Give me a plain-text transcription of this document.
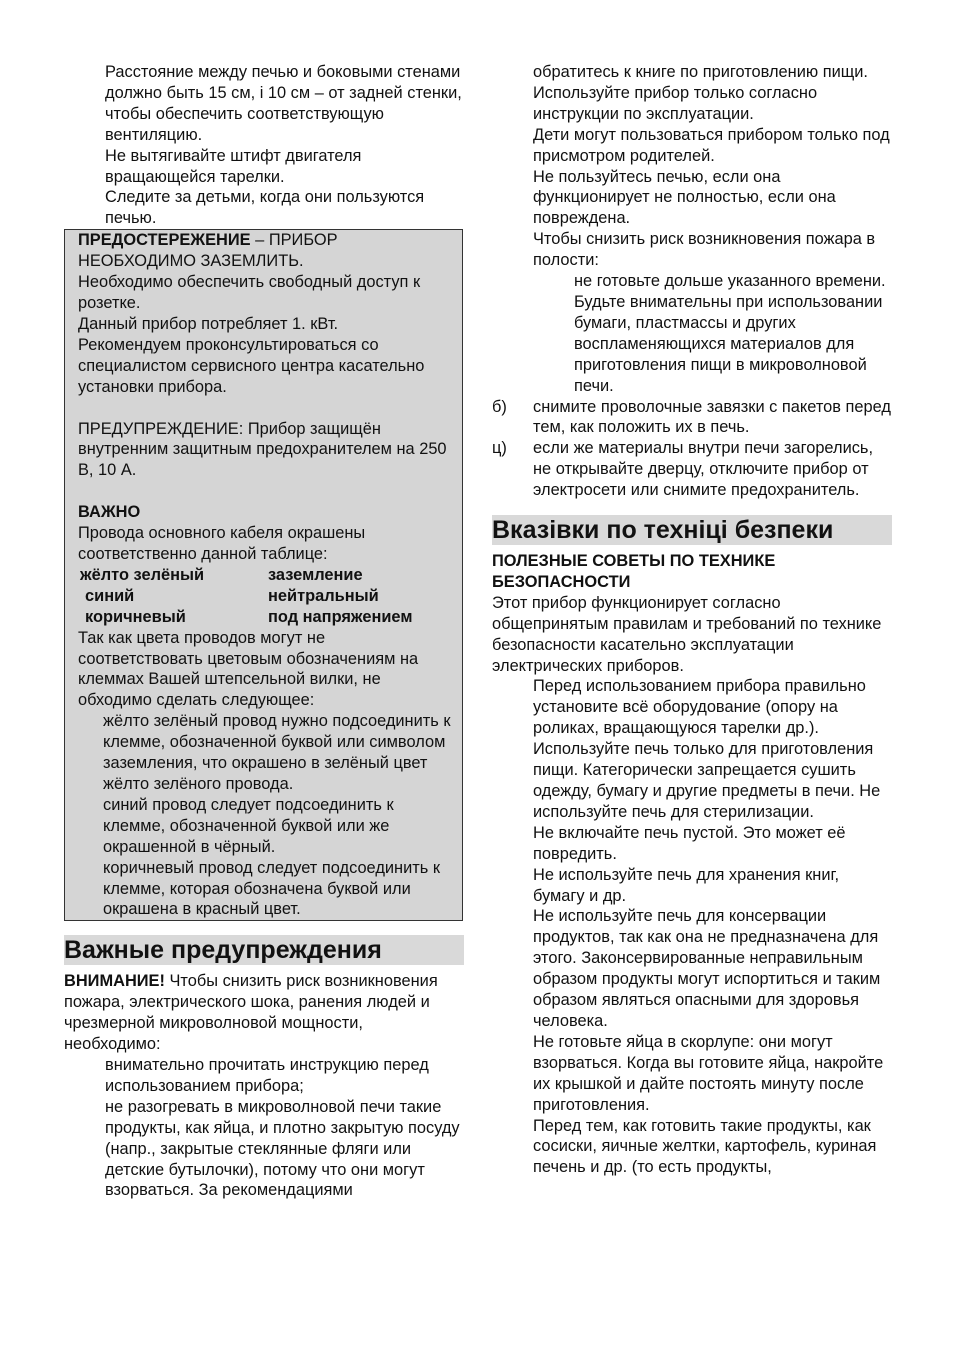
Расстояние между печью и боковыми стенами должно быть 15 см, і 10 см – от задней стенки, чтобы обеспечить соответствующую вентиляцию.
Не вытягивайте штифт двигателя вращающейся тарелки.
Следите за детьми, когда они пользуются печью.
ПРЕДОСТЕРЕЖЕНИЕ – ПРИБОР НЕОБХОДИМО ЗАЗЕМЛИТЬ.
Необходимо обеспечить свободный доступ к розетке.
Данный прибор потребляет 1. кВт.
Рекомендуем проконсультироваться со специалистом сервисного центра касательно установки прибора.
ПРЕДУПРЕЖДЕНИЕ: Прибор защищён внутренним защитным предохранителем на 250 В, 10 А.
ВАЖНО
Провода основного кабеля окрашены соответственно данной таблице:
жёлто зелёный	заземление
синий	нейтральный
коричневый	под напряжением
Так как цвета проводов могут не соответствовать цветовым обозначениям на клеммах Вашей штепсельной вилки, не обходимо сделать следующее:
жёлто зелёный провод нужно подсоединить к клемме, обозначенной буквой или символом заземления, что окрашено в зелёный цвет жёлто зелёного провода.
синий провод следует подсоединить к клемме, обозначенной буквой или же окрашенной в чёрный.
коричневый провод следует подсоединить к клемме, которая обозначена буквой или окрашена в красный цвет.
Важные предупреждения
ВНИМАНИЕ! Чтобы снизить риск возникновения пожара, электрического шока, ранения людей и чрезмерной микроволновой мощности, необходимо:
внимательно прочитать инструкцию перед использованием прибора;
не разогревать в микроволновой печи такие продукты, как яйца, и плотно закрытую посуду (напр., закрытые стеклянные фляги или детские бутылочки), потому что они могут взорваться. За рекомендациями
обратитесь к книге по приготовлению пищи.
Используйте прибор только согласно инструкции по эксплуатации.
Дети могут пользоваться прибором только под присмотром родителей.
Не пользуйтесь печью, если она функционирует не полностью, если она повреждена.
Чтобы снизить риск возникновения пожара в полости:
не готовьте дольше указанного времени. Будьте внимательны при использовании бумаги, пластмассы и других воспламеняющихся материалов для приготовления пищи в микроволновой печи.
б)	снимите проволочные завязки с пакетов перед тем, как положить их в печь.
ц)	если же материалы внутри печи загорелись, не открывайте дверцу, отключите прибор от электросети или снимите предохранитель.
Вказівки по техніці безпеки
ПОЛЕЗНЫЕ СОВЕТЫ ПО ТЕХНИКЕ БЕЗОПАСНОСТИ
Этот прибор функционирует согласно общепринятым правилам и требований по технике безопасности касательно эксплуатации электрических приборов.
Перед использованием прибора правильно установите всё оборудование (опору на роликах, вращающуюся тарелки др.).
Используйте печь только для приготовления пищи. Категорически запрещается сушить одежду, бумагу и другие предметы в печи. Не используйте печь для стерилизации.
Не включайте печь пустой. Это может её повредить.
Не используйте печь для хранения книг, бумагу и др.
Не используйте печь для консервации продуктов, так как она не предназначена для этого. Законсервированные неправильным образом продукты могут испортиться и таким образом являться опасными для здоровья человека.
Не готовьте яйца в скорлупе: они могут взорваться. Когда вы готовите яйца, накройте их крышкой и дайте постоять минуту после приготовления.
Перед тем, как готовить такие продукты, как сосиски, яичные желтки, картофель, куриная печень и др. (то есть продукты,
